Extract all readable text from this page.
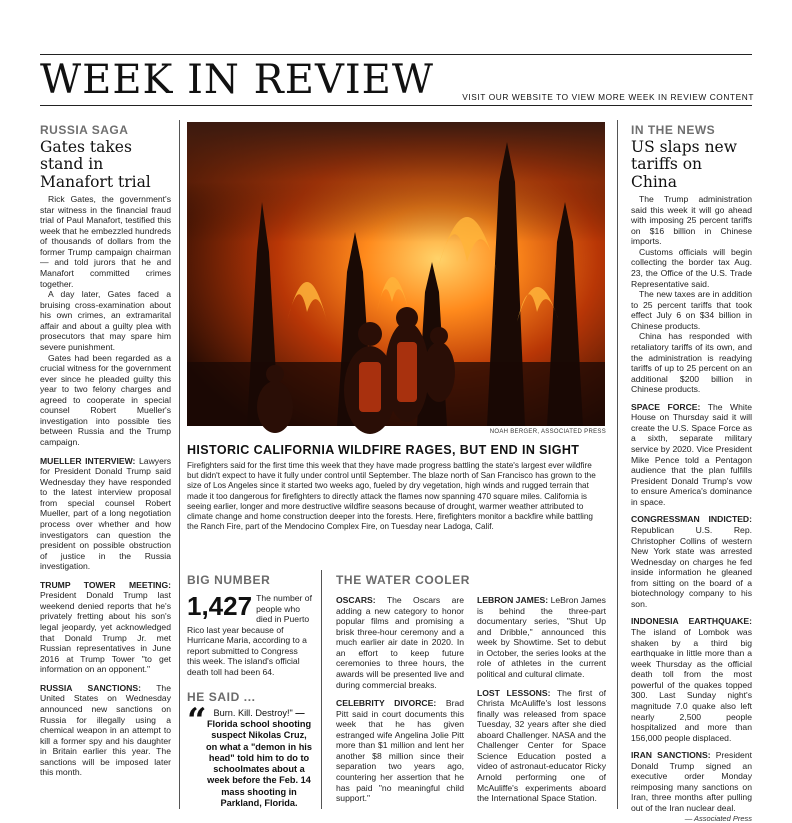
WEEK IN REVIEW	VISIT OUR WEBSITE TO VIEW MORE WEEK IN REVIEW CONTENT
RUSSIA SAGA
Gates takes stand in Manafort trial

Rick Gates, the government's star witness in the financial fraud trial of Paul Manafort, testified this week that he embezzled hundreds of thousands of dollars from the former Trump campaign chairman — and told jurors that he and Manafort committed crimes together.

A day later, Gates faced a bruising cross-examination about his own crimes, an extramarital affair and about a guilty plea with prosecutors that may spare him severe punishment.

Gates had been regarded as a crucial witness for the government ever since he pleaded guilty this year to two felony charges and agreed to cooperate in special counsel Robert Mueller's investigation into possible ties between Russia and the Trump campaign.

MUELLER INTERVIEW: Lawyers for President Donald Trump said Wednesday they have responded to the latest interview proposal from special counsel Robert Mueller, part of a long negotiation process over whether and how investigators can question the president on possible obstruction of justice in the Russia investigation.
TRUMP TOWER MEETING: President Donald Trump last weekend denied reports that he's privately fretting about his son's legal jeopardy, yet acknowledged that Donald Trump Jr. met Russian representatives in June 2016 at Trump Tower "to get information on an opponent."
RUSSIA SANCTIONS: The United States on Wednesday announced new sanctions on Russia for illegally using a chemical weapon in an attempt to kill a former spy and his daughter in Britain earlier this year. The sanctions will be imposed later this month.
NOAH BERGER, ASSOCIATED PRESS
HISTORIC CALIFORNIA WILDFIRE RAGES, BUT END IN SIGHT
Firefighters said for the first time this week that they have made progress battling the state's largest ever wildfire but didn't expect to have it fully under control until September. The blaze north of San Francisco has grown to the size of Los Angeles since it started two weeks ago, fueled by dry vegetation, high winds and rugged terrain that made it too dangerous for firefighters to directly attack the flames now spanning 470 square miles. California is seeing earlier, longer and more destructive wildfire seasons because of drought, warmer weather attributed to climate change and home construction deeper into the forests. Here, firefighters monitor a backfire while battling the Ranch Fire, part of the Mendocino Complex Fire, on Tuesday near Ladoga, Calif.
BIG NUMBER
1,427 The number of people who died in Puerto Rico last year because of Hurricane Maria, according to a report submitted to Congress this week. The island's official death toll had been 64.
HE SAID ...
“ Burn. Kill. Destroy!" — Florida school shooting suspect Nikolas Cruz, on what a "demon in his head" told him to do to schoolmates about a week before the Feb. 14 mass shooting in Parkland, Florida.
THE WATER COOLER
OSCARS: The Oscars are adding a new category to honor popular films and promising a brisk three-hour ceremony and a much earlier air date in 2020. In an effort to keep future ceremonies to three hours, the awards will be presented live and during commercial breaks.
CELEBRITY DIVORCE: Brad Pitt said in court documents this week that he has given estranged wife Angelina Jolie Pitt more than $1 million and lent her another $8 million since their separation two years ago, countering her assertion that he has paid "no meaningful child support."
LEBRON JAMES: LeBron James is behind the three-part documentary series, "Shut Up and Dribble," announced this week by Showtime. Set to debut in October, the series looks at the role of athletes in the current political and cultural climate.
LOST LESSONS: The first of Christa McAuliffe's lost lessons finally was released from space Tuesday, 32 years after she died aboard Challenger. NASA and the Challenger Center for Space Science Education posted a video of astronaut-educator Ricky Arnold performing one of McAuliffe's experiments aboard the International Space Station.
IN THE NEWS
US slaps new tariffs on China

The Trump administration said this week it will go ahead with imposing 25 percent tariffs on $16 billion in Chinese imports.

Customs officials will begin collecting the border tax Aug. 23, the Office of the U.S. Trade Representative said.

The new taxes are in addition to 25 percent tariffs that took effect July 6 on $34 billion in Chinese products.

China has responded with retaliatory tariffs of its own, and the administration is readying tariffs of up to 25 percent on an additional $200 billion in Chinese products.

SPACE FORCE: The White House on Thursday said it will create the U.S. Space Force as a sixth, separate military service by 2020. Vice President Mike Pence told a Pentagon audience that the plan fulfills President Donald Trump's vow to ensure America's dominance in space.
CONGRESSMAN INDICTED: Republican U.S. Rep. Christopher Collins of western New York state was arrested Wednesday on charges he fed inside information he gleaned from sitting on the board of a biotechnology company to his son.
INDONESIA EARTHQUAKE: The island of Lombok was shaken by a third big earthquake in little more than a week Thursday as the official death toll from the most powerful of the quakes topped 300. Last Sunday night's magnitude 7.0 quake also left nearly 2,500 people hospitalized and more than 156,000 people displaced.
IRAN SANCTIONS: President Donald Trump signed an executive order Monday reimposing many sanctions on Iran, three months after pulling out of the Iran nuclear deal.
— Associated Press
